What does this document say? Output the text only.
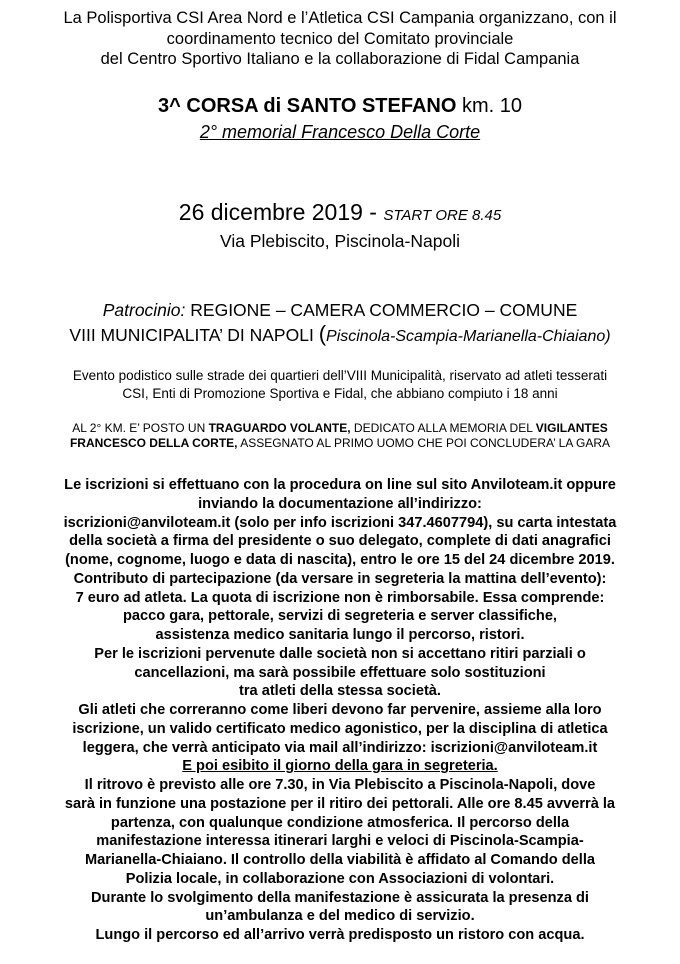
La Polisportiva CSI Area Nord e l’Atletica CSI Campania organizzano, con il
coordinamento tecnico del Comitato provinciale
del Centro Sportivo Italiano e la collaborazione di Fidal Campania
3^ CORSA di SANTO STEFANO km. 10
2° memorial Francesco Della Corte
26 dicembre 2019 - START ORE 8.45
Via Plebiscito, Piscinola-Napoli
Patrocinio: REGIONE – CAMERA COMMERCIO – COMUNE
VIII MUNICIPALITA’ DI NAPOLI (Piscinola-Scampia-Marianella-Chiaiano)
Evento podistico sulle strade dei quartieri dell’VIII Municipalità, riservato ad atleti tesserati
CSI, Enti di Promozione Sportiva e Fidal, che abbiano compiuto i 18 anni
AL 2° KM. E’ POSTO UN TRAGUARDO VOLANTE, DEDICATO ALLA MEMORIA DEL VIGILANTES
FRANCESCO DELLA CORTE, ASSEGNATO AL PRIMO UOMO CHE POI CONCLUDERA’ LA GARA
Le iscrizioni si effettuano con la procedura on line sul sito Anviloteam.it oppure
inviando la documentazione all’indirizzo:
iscrizioni@anviloteam.it (solo per info iscrizioni 347.4607794), su carta intestata
della società a firma del presidente o suo delegato, complete di dati anagrafici
(nome, cognome, luogo e data di nascita), entro le ore 15 del 24 dicembre 2019.
Contributo di partecipazione (da versare in segreteria la mattina dell’evento):
7 euro ad atleta. La quota di iscrizione non è rimborsabile. Essa comprende:
pacco gara, pettorale, servizi di segreteria e server classifiche,
assistenza medico sanitaria lungo il percorso, ristori.
Per le iscrizioni pervenute dalle società non si accettano ritiri parziali o
cancellazioni, ma sarà possibile effettuare solo sostituzioni
tra atleti della stessa società.
Gli atleti che correranno come liberi devono far pervenire, assieme alla loro
iscrizione, un valido certificato medico agonistico, per la disciplina di atletica
leggera, che verrà anticipato via mail all’indirizzo: iscrizioni@anviloteam.it
E poi esibito il giorno della gara in segreteria.
Il ritrovo è previsto alle ore 7.30, in Via Plebiscito a Piscinola-Napoli, dove
sarà in funzione una postazione per il ritiro dei pettorali. Alle ore 8.45 avverrà la
partenza, con qualunque condizione atmosferica. Il percorso della
manifestazione interessa itinerari larghi e veloci di Piscinola-Scampia-
Marianella-Chiaiano. Il controllo della viabilità è affidato al Comando della
Polizia locale, in collaborazione con Associazioni di volontari.
Durante lo svolgimento della manifestazione è assicurata la presenza di
un’ambulanza e del medico di servizio.
Lungo il percorso ed all’arrivo verrà predisposto un ristoro con acqua.
